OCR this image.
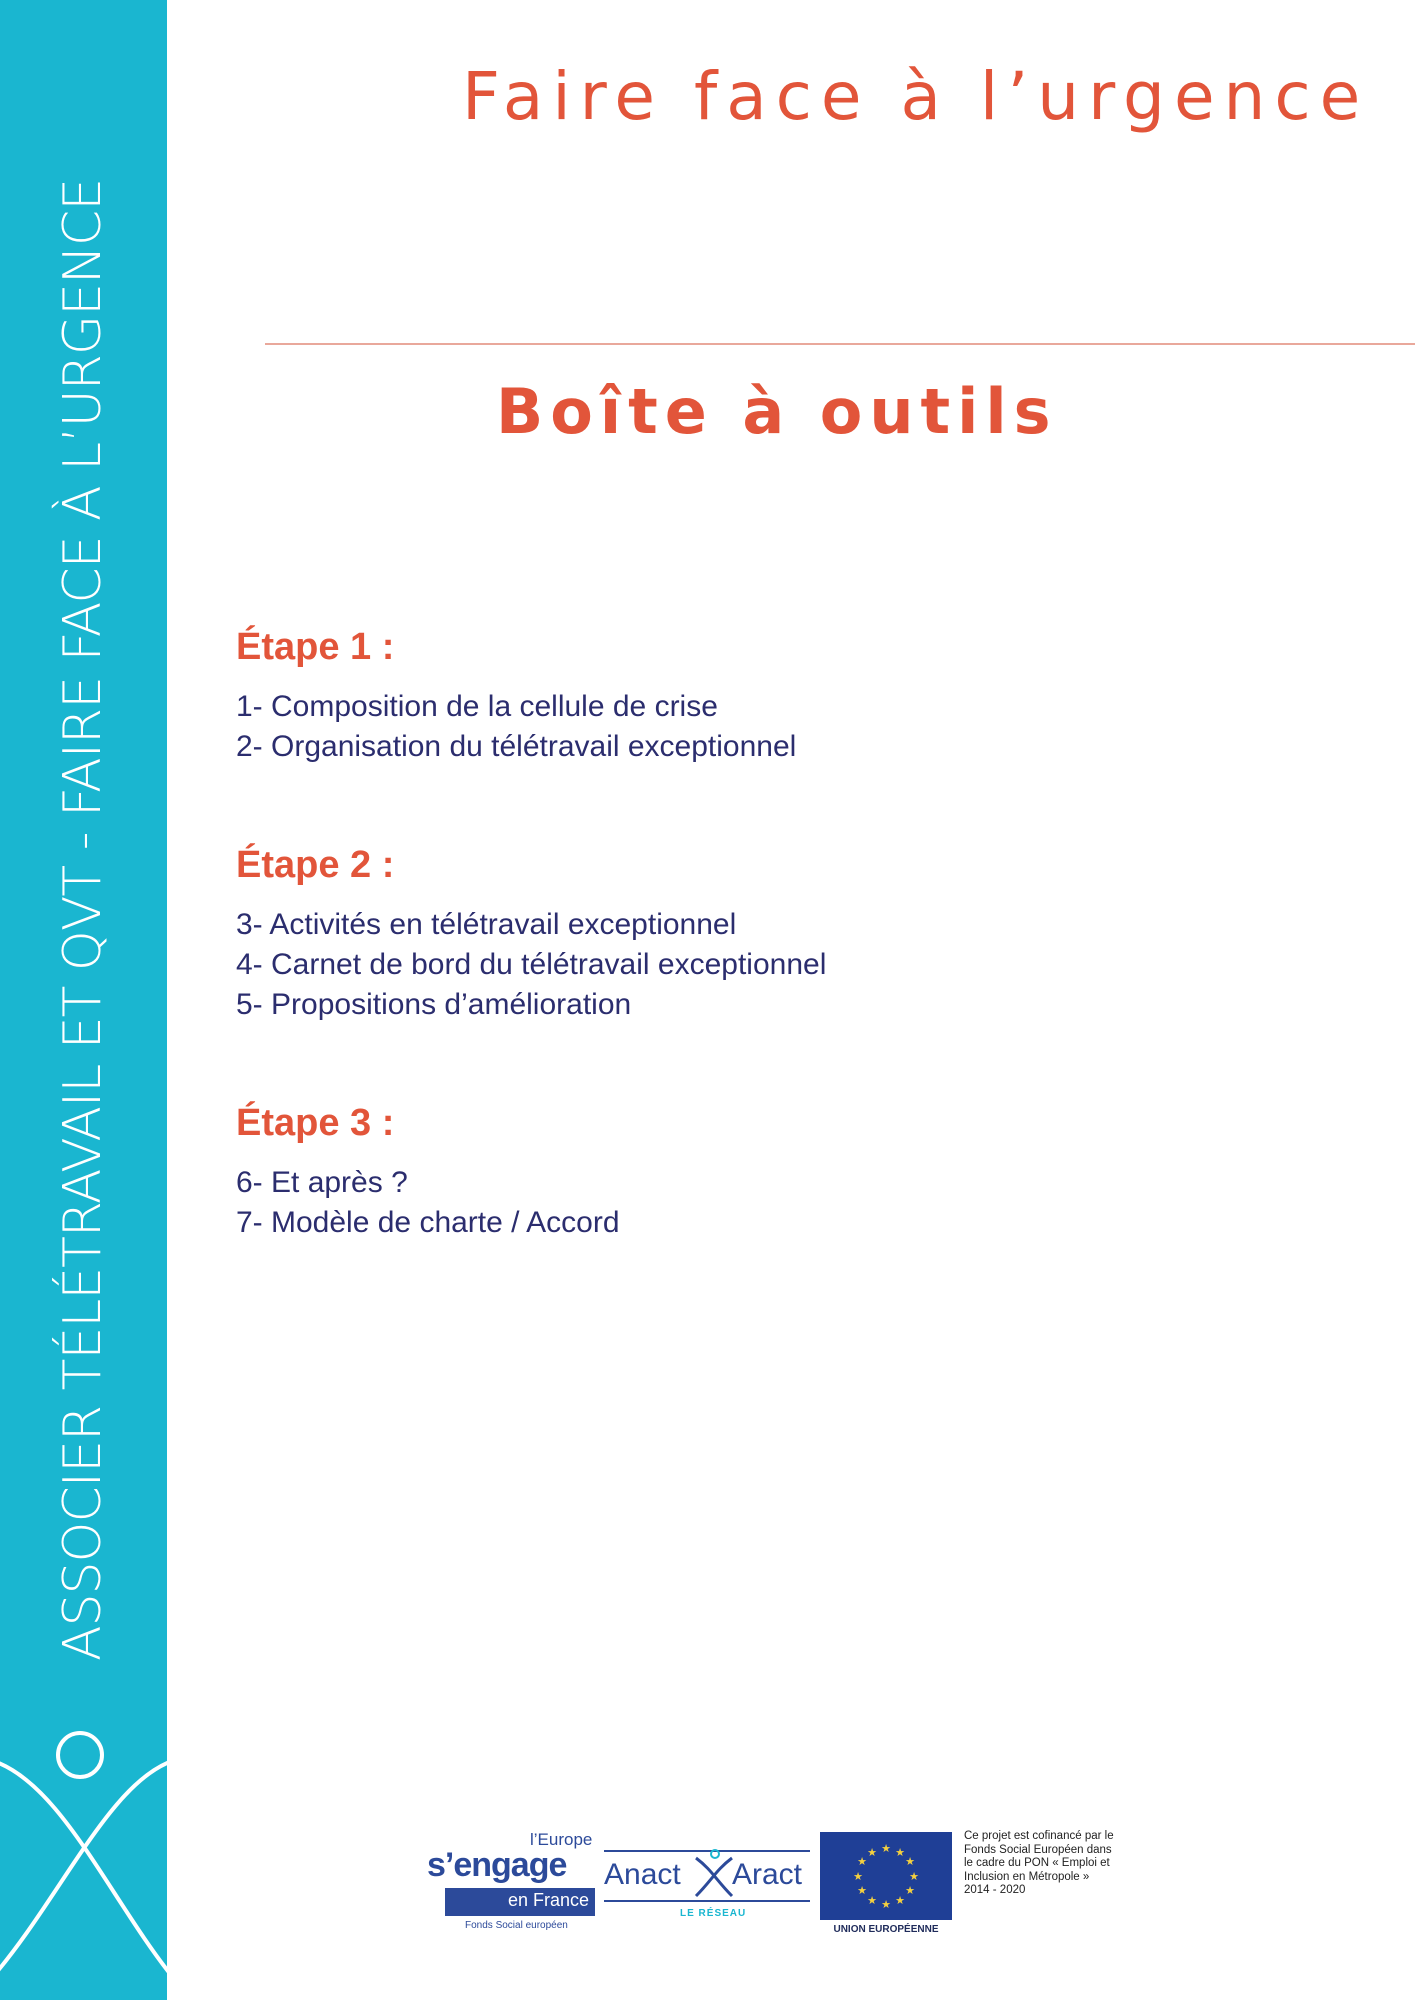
ASSOCIER TÉLÉTRAVAIL ET QVT - FAIRE FACE À L’URGENCE
Faire face à l’urgence
Boîte à outils
Étape 1 :
1- Composition de la cellule de crise
2- Organisation du télétravail exceptionnel
Étape 2 :
3- Activités en télétravail exceptionnel
4- Carnet de bord du télétravail exceptionnel
5- Propositions d’amélioration
Étape 3 :
6- Et après ?
7- Modèle de charte / Accord
l’Europe
s’engage
en France
Fonds Social européen
Anact Aract
LE RÉSEAU
★ ★
★
★
★
★
★
★
★
★
★
★
UNION EUROPÉENNE
Ce projet est cofinancé par le Fonds Social Européen dans le cadre du PON « Emploi et Inclusion en Métropole » 2014 - 2020
